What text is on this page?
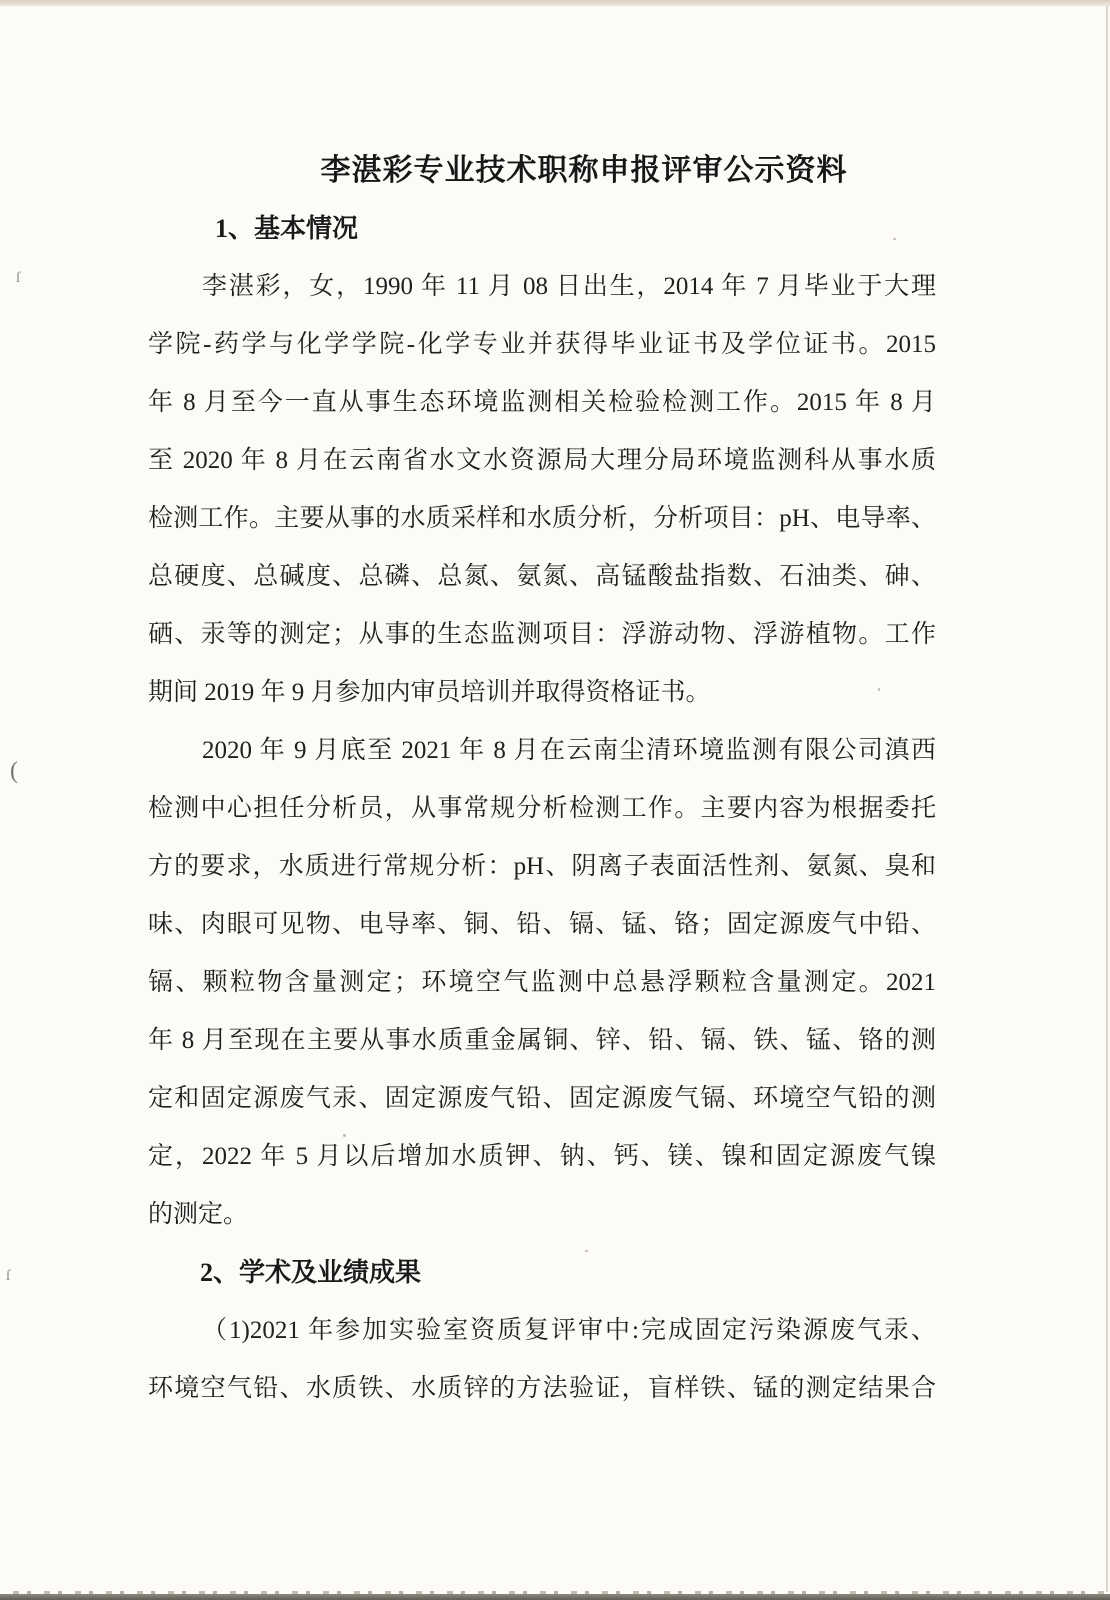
ſ
(
ſ
李湛彩专业技术职称申报评审公示资料
1、基本情况
李湛彩，女，1990 年 11 月 08 日出生，2014 年 7 月毕业于大理
学院-药学与化学学院-化学专业并获得毕业证书及学位证书。2015
年 8 月至今一直从事生态环境监测相关检验检测工作。2015 年 8 月
至 2020 年 8 月在云南省水文水资源局大理分局环境监测科从事水质
检测工作。主要从事的水质采样和水质分析，分析项目：pH、电导率、
总硬度、总碱度、总磷、总氮、氨氮、高锰酸盐指数、石油类、砷、
硒、汞等的测定；从事的生态监测项目：浮游动物、浮游植物。工作
期间 2019 年 9 月参加内审员培训并取得资格证书。
2020 年 9 月底至 2021 年 8 月在云南尘清环境监测有限公司滇西
检测中心担任分析员，从事常规分析检测工作。主要内容为根据委托
方的要求，水质进行常规分析：pH、阴离子表面活性剂、氨氮、臭和
味、肉眼可见物、电导率、铜、铅、镉、锰、铬；固定源废气中铅、
镉、颗粒物含量测定；环境空气监测中总悬浮颗粒含量测定。2021
年 8 月至现在主要从事水质重金属铜、锌、铅、镉、铁、锰、铬的测
定和固定源废气汞、固定源废气铅、固定源废气镉、环境空气铅的测
定，2022 年 5 月以后增加水质钾、钠、钙、镁、镍和固定源废气镍
的测定。
2、学术及业绩成果
（1)2021 年参加实验室资质复评审中:完成固定污染源废气汞、
环境空气铅、水质铁、水质锌的方法验证，盲样铁、锰的测定结果合
